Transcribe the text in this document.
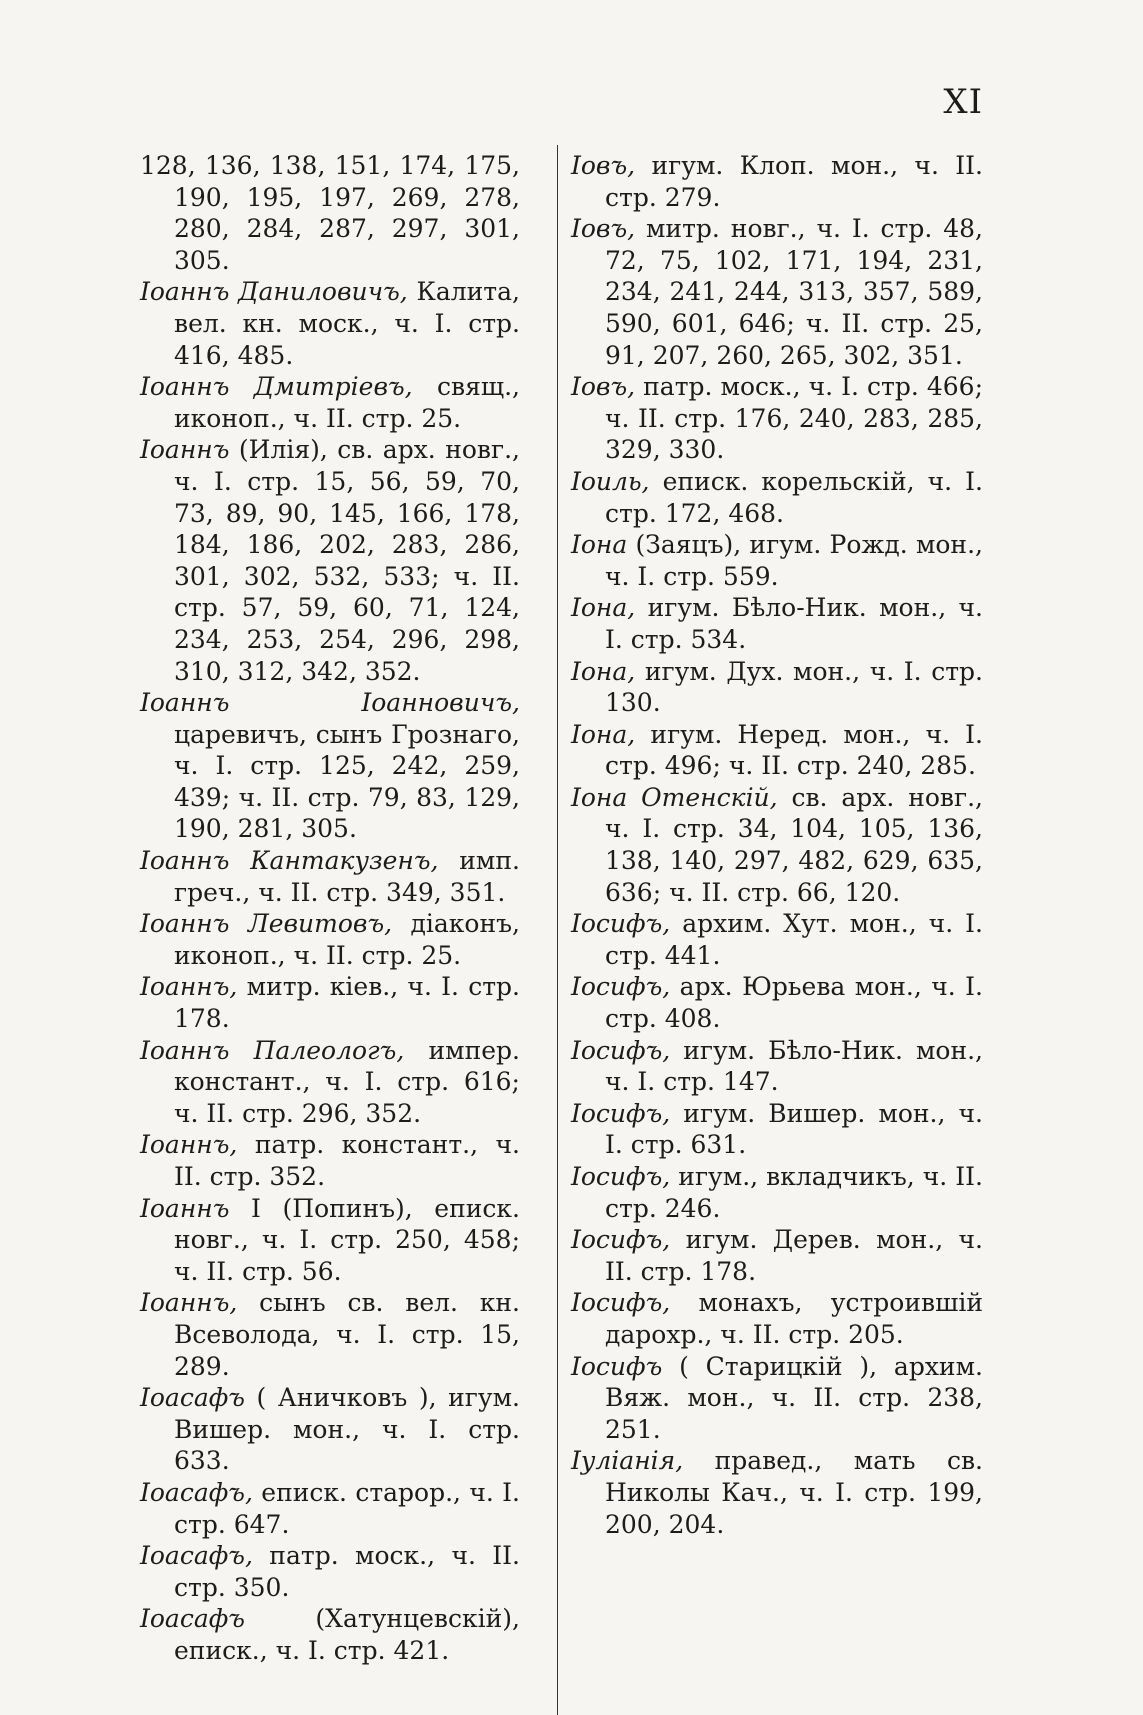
XI
128, 136, 138, 151, 174, 175, 190, 195, 197, 269, 278, 280, 284, 287, 297, 301, 305.
Іоаннъ Даниловичъ, Калита, вел. кн. моск., ч. I. стр. 416, 485.
Іоаннъ Дмитріевъ, свящ., иконоп., ч. II. стр. 25.
Іоаннъ (Илія), св. арх. новг., ч. I. стр. 15, 56, 59, 70, 73, 89, 90, 145, 166, 178, 184, 186, 202, 283, 286, 301, 302, 532, 533; ч. II. стр. 57, 59, 60, 71, 124, 234, 253, 254, 296, 298, 310, 312, 342, 352.
Іоаннъ Іоанновичъ, царевичъ, сынъ Грознаго, ч. I. стр. 125, 242, 259, 439; ч. II. стр. 79, 83, 129, 190, 281, 305.
Іоаннъ Кантакузенъ, имп. греч., ч. II. стр. 349, 351.
Іоаннъ Левитовъ, діаконъ, иконоп., ч. II. стр. 25.
Іоаннъ, митр. кіев., ч. I. стр. 178.
Іоаннъ Палеологъ, импер. констант., ч. I. стр. 616; ч. II. стр. 296, 352.
Іоаннъ, патр. констант., ч. II. стр. 352.
Іоаннъ I (Попинъ), еписк. новг., ч. I. стр. 250, 458; ч. II. стр. 56.
Іоаннъ, сынъ св. вел. кн. Всеволода, ч. I. стр. 15, 289.
Іоасафъ ( Аничковъ ), игум. Вишер. мон., ч. I. стр. 633.
Іоасафъ, еписк. старор., ч. I. стр. 647.
Іоасафъ, патр. моск., ч. II. стр. 350.
Іоасафъ (Хатунцевскій), еписк., ч. I. стр. 421.
Іовъ, игум. Клоп. мон., ч. II. стр. 279.
Іовъ, митр. новг., ч. I. стр. 48, 72, 75, 102, 171, 194, 231, 234, 241, 244, 313, 357, 589, 590, 601, 646; ч. II. стр. 25, 91, 207, 260, 265, 302, 351.
Іовъ, патр. моск., ч. I. стр. 466; ч. II. стр. 176, 240, 283, 285, 329, 330.
Іоиль, еписк. корельскій, ч. I. стр. 172, 468.
Іона (Заяцъ), игум. Рожд. мон., ч. I. стр. 559.
Іона, игум. Бѣло-Ник. мон., ч. I. стр. 534.
Іона, игум. Дух. мон., ч. I. стр. 130.
Іона, игум. Неред. мон., ч. I. стр. 496; ч. II. стр. 240, 285.
Іона Отенскій, св. арх. новг., ч. I. стр. 34, 104, 105, 136, 138, 140, 297, 482, 629, 635, 636; ч. II. стр. 66, 120.
Іосифъ, архим. Хут. мон., ч. I. стр. 441.
Іосифъ, арх. Юрьева мон., ч. I. стр. 408.
Іосифъ, игум. Бѣло-Ник. мон., ч. I. стр. 147.
Іосифъ, игум. Вишер. мон., ч. I. стр. 631.
Іосифъ, игум., вкладчикъ, ч. II. стр. 246.
Іосифъ, игум. Дерев. мон., ч. II. стр. 178.
Іосифъ, монахъ, устроившій дарохр., ч. II. стр. 205.
Іосифъ ( Старицкій ), архим. Вяж. мон., ч. II. стр. 238, 251.
Іуліанія, правед., мать св. Николы Кач., ч. I. стр. 199, 200, 204.
